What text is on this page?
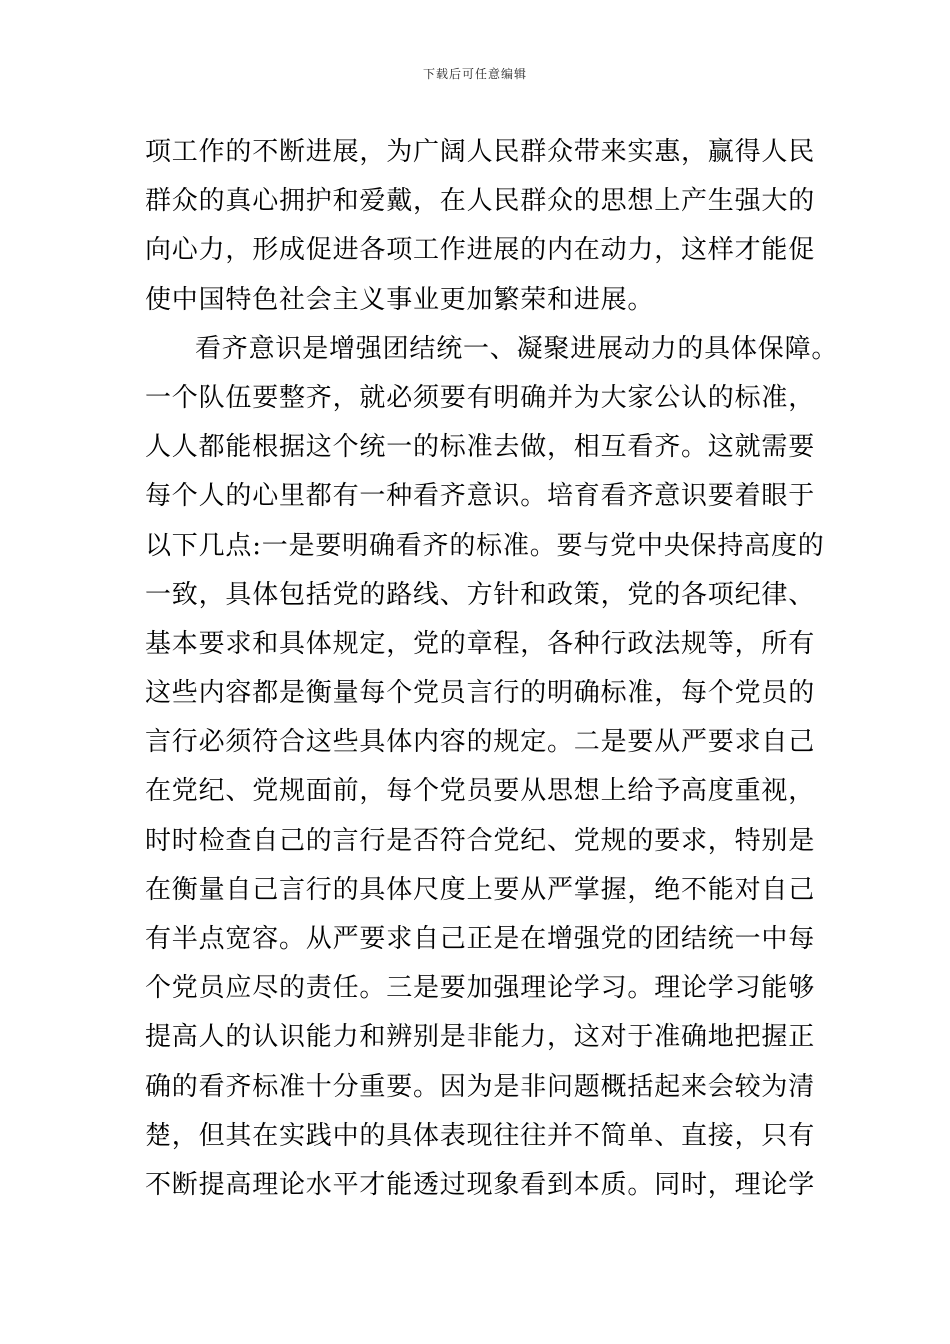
下载后可任意编辑
项工作的不断进展，为广阔人民群众带来实惠，赢得人民
群众的真心拥护和爱戴，在人民群众的思想上产生强大的
向心力，形成促进各项工作进展的内在动力，这样才能促
使中国特色社会主义事业更加繁荣和进展。
看齐意识是增强团结统一、凝聚进展动力的具体保障。
一个队伍要整齐，就必须要有明确并为大家公认的标准，
人人都能根据这个统一的标准去做，相互看齐。这就需要
每个人的心里都有一种看齐意识。培育看齐意识要着眼于
以下几点:一是要明确看齐的标准。要与党中央保持高度的
一致，具体包括党的路线、方针和政策，党的各项纪律、
基本要求和具体规定，党的章程，各种行政法规等，所有
这些内容都是衡量每个党员言行的明确标准，每个党员的
言行必须符合这些具体内容的规定。二是要从严要求自己
在党纪、党规面前，每个党员要从思想上给予高度重视，
时时检查自己的言行是否符合党纪、党规的要求，特别是
在衡量自己言行的具体尺度上要从严掌握，绝不能对自己
有半点宽容。从严要求自己正是在增强党的团结统一中每
个党员应尽的责任。三是要加强理论学习。理论学习能够
提高人的认识能力和辨别是非能力，这对于准确地把握正
确的看齐标准十分重要。因为是非问题概括起来会较为清
楚，但其在实践中的具体表现往往并不简单、直接，只有
不断提高理论水平才能透过现象看到本质。同时，理论学
